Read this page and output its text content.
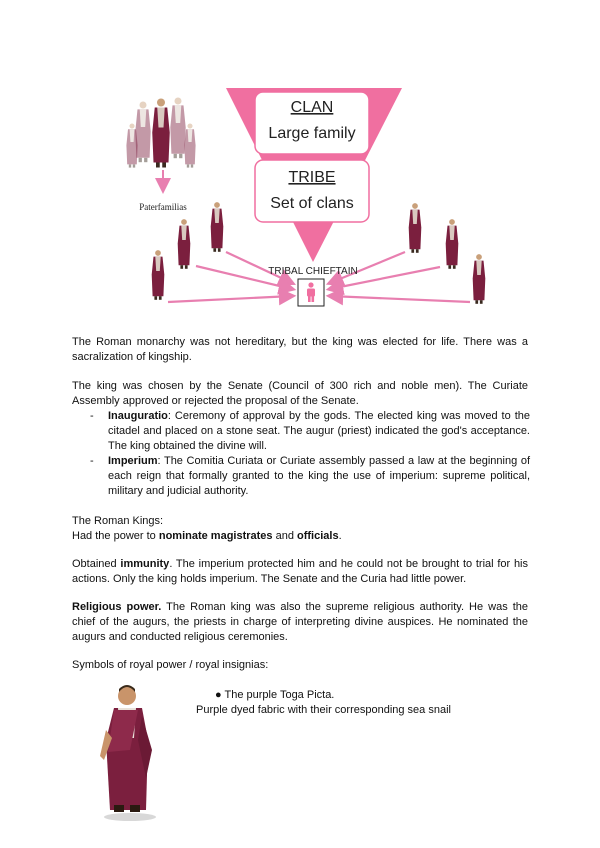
CLAN
Large family
TRIBE
Set of clans
Paterfamilias
TRIBAL CHIEFTAIN
The Roman monarchy was not hereditary, but the king was elected for life. There was a sacralization of kingship.
The king was chosen by the Senate (Council of 300 rich and noble men). The Curiate Assembly approved or rejected the proposal of the Senate.
- Inauguratio: Ceremony of approval by the gods. The elected king was moved to the citadel and placed on a stone seat. The augur (priest) indicated the god's acceptance. The king obtained the divine will.
- Imperium: The Comitia Curiata or Curiate assembly passed a law at the beginning of each reign that formally granted to the king the use of imperium: supreme political, military and judicial authority.
The Roman Kings:
Had the power to nominate magistrates and officials.
Obtained immunity. The imperium protected him and he could not be brought to trial for his actions. Only the king holds imperium. The Senate and the Curia had little power.
Religious power. The Roman king was also the supreme religious authority. He was the chief of the augurs, the priests in charge of interpreting divine auspices. He nominated the augurs and conducted religious ceremonies.
Symbols of royal power / royal insignias:
● The purple Toga Picta.
Purple dyed fabric with their corresponding sea snail
